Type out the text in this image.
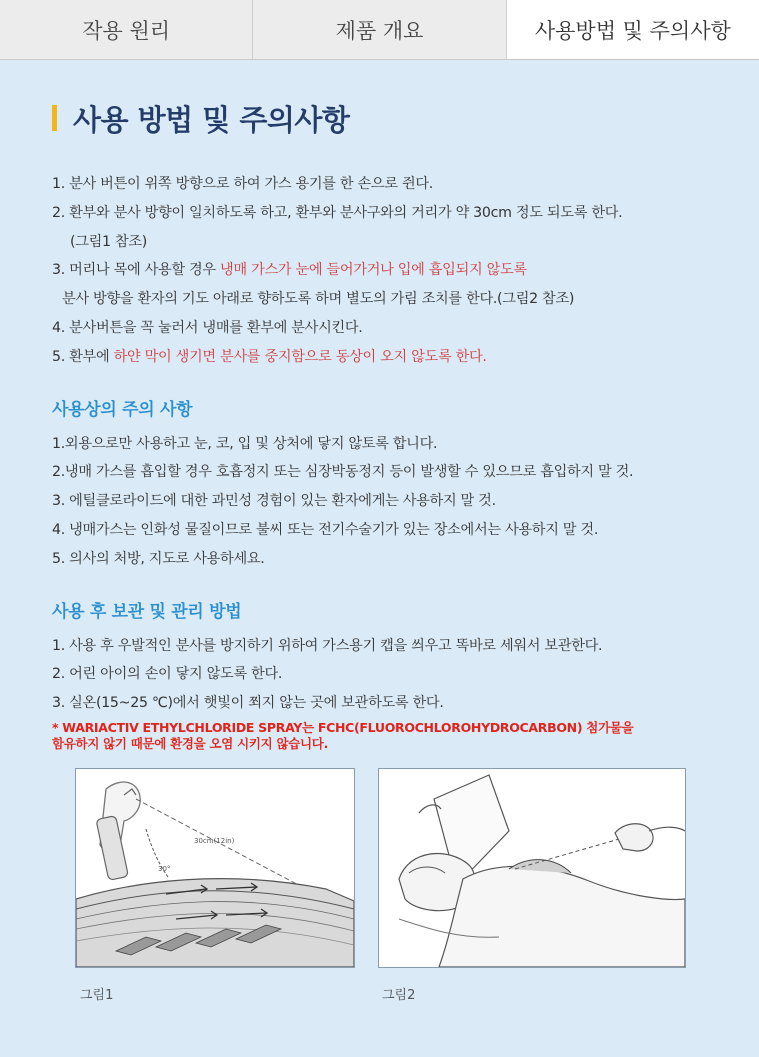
작용 원리	제품 개요	사용방법 및 주의사항
사용 방법 및 주의사항
1. 분사 버튼이 위쪽 방향으로 하여 가스 용기를 한 손으로 쥔다.
2. 환부와 분사 방향이 일치하도록 하고, 환부와 분사구와의 거리가 약 30cm 정도 되도록 한다.
(그림1 참조)
3. 머리나 목에 사용할 경우 냉매 가스가 눈에 들어가거나 입에 흡입되지 않도록
분사 방향을 환자의 기도 아래로 향하도록 하며 별도의 가림 조치를 한다.(그림2 참조)
4. 분사버튼을 꼭 눌러서 냉매를 환부에 분사시킨다.
5. 환부에 하얀 막이 생기면 분사를 중지함으로 동상이 오지 않도록 한다.
사용상의 주의 사항
1.외용으로만 사용하고 눈, 코, 입 및 상처에 닿지 않토록 합니다.
2.냉매 가스를 흡입할 경우 호흡정지 또는 심장박동정지 등이 발생할 수 있으므로 흡입하지 말 것.
3. 에틸클로라이드에 대한 과민성 경험이 있는 환자에게는 사용하지 말 것.
4. 냉매가스는 인화성 물질이므로 불씨 또는 전기수술기가 있는 장소에서는 사용하지 말 것.
5. 의사의 처방, 지도로 사용하세요.
사용 후 보관 및 관리 방법
1. 사용 후 우발적인 분사를 방지하기 위하여 가스용기 캡을 씌우고 똑바로 세워서 보관한다.
2. 어린 아이의 손이 닿지 않도록 한다.
3. 실온(15~25 ℃)에서 햇빛이 쬐지 않는 곳에 보관하도록 한다.
* WARIACTIV ETHYLCHLORIDE SPRAY는 FCHC(FLUOROCHLOROHYDROCARBON) 첨가물을
함유하지 않기 때문에 환경을 오염 시키지 않습니다.
30cm(12in)
30°
그림1	그림2
